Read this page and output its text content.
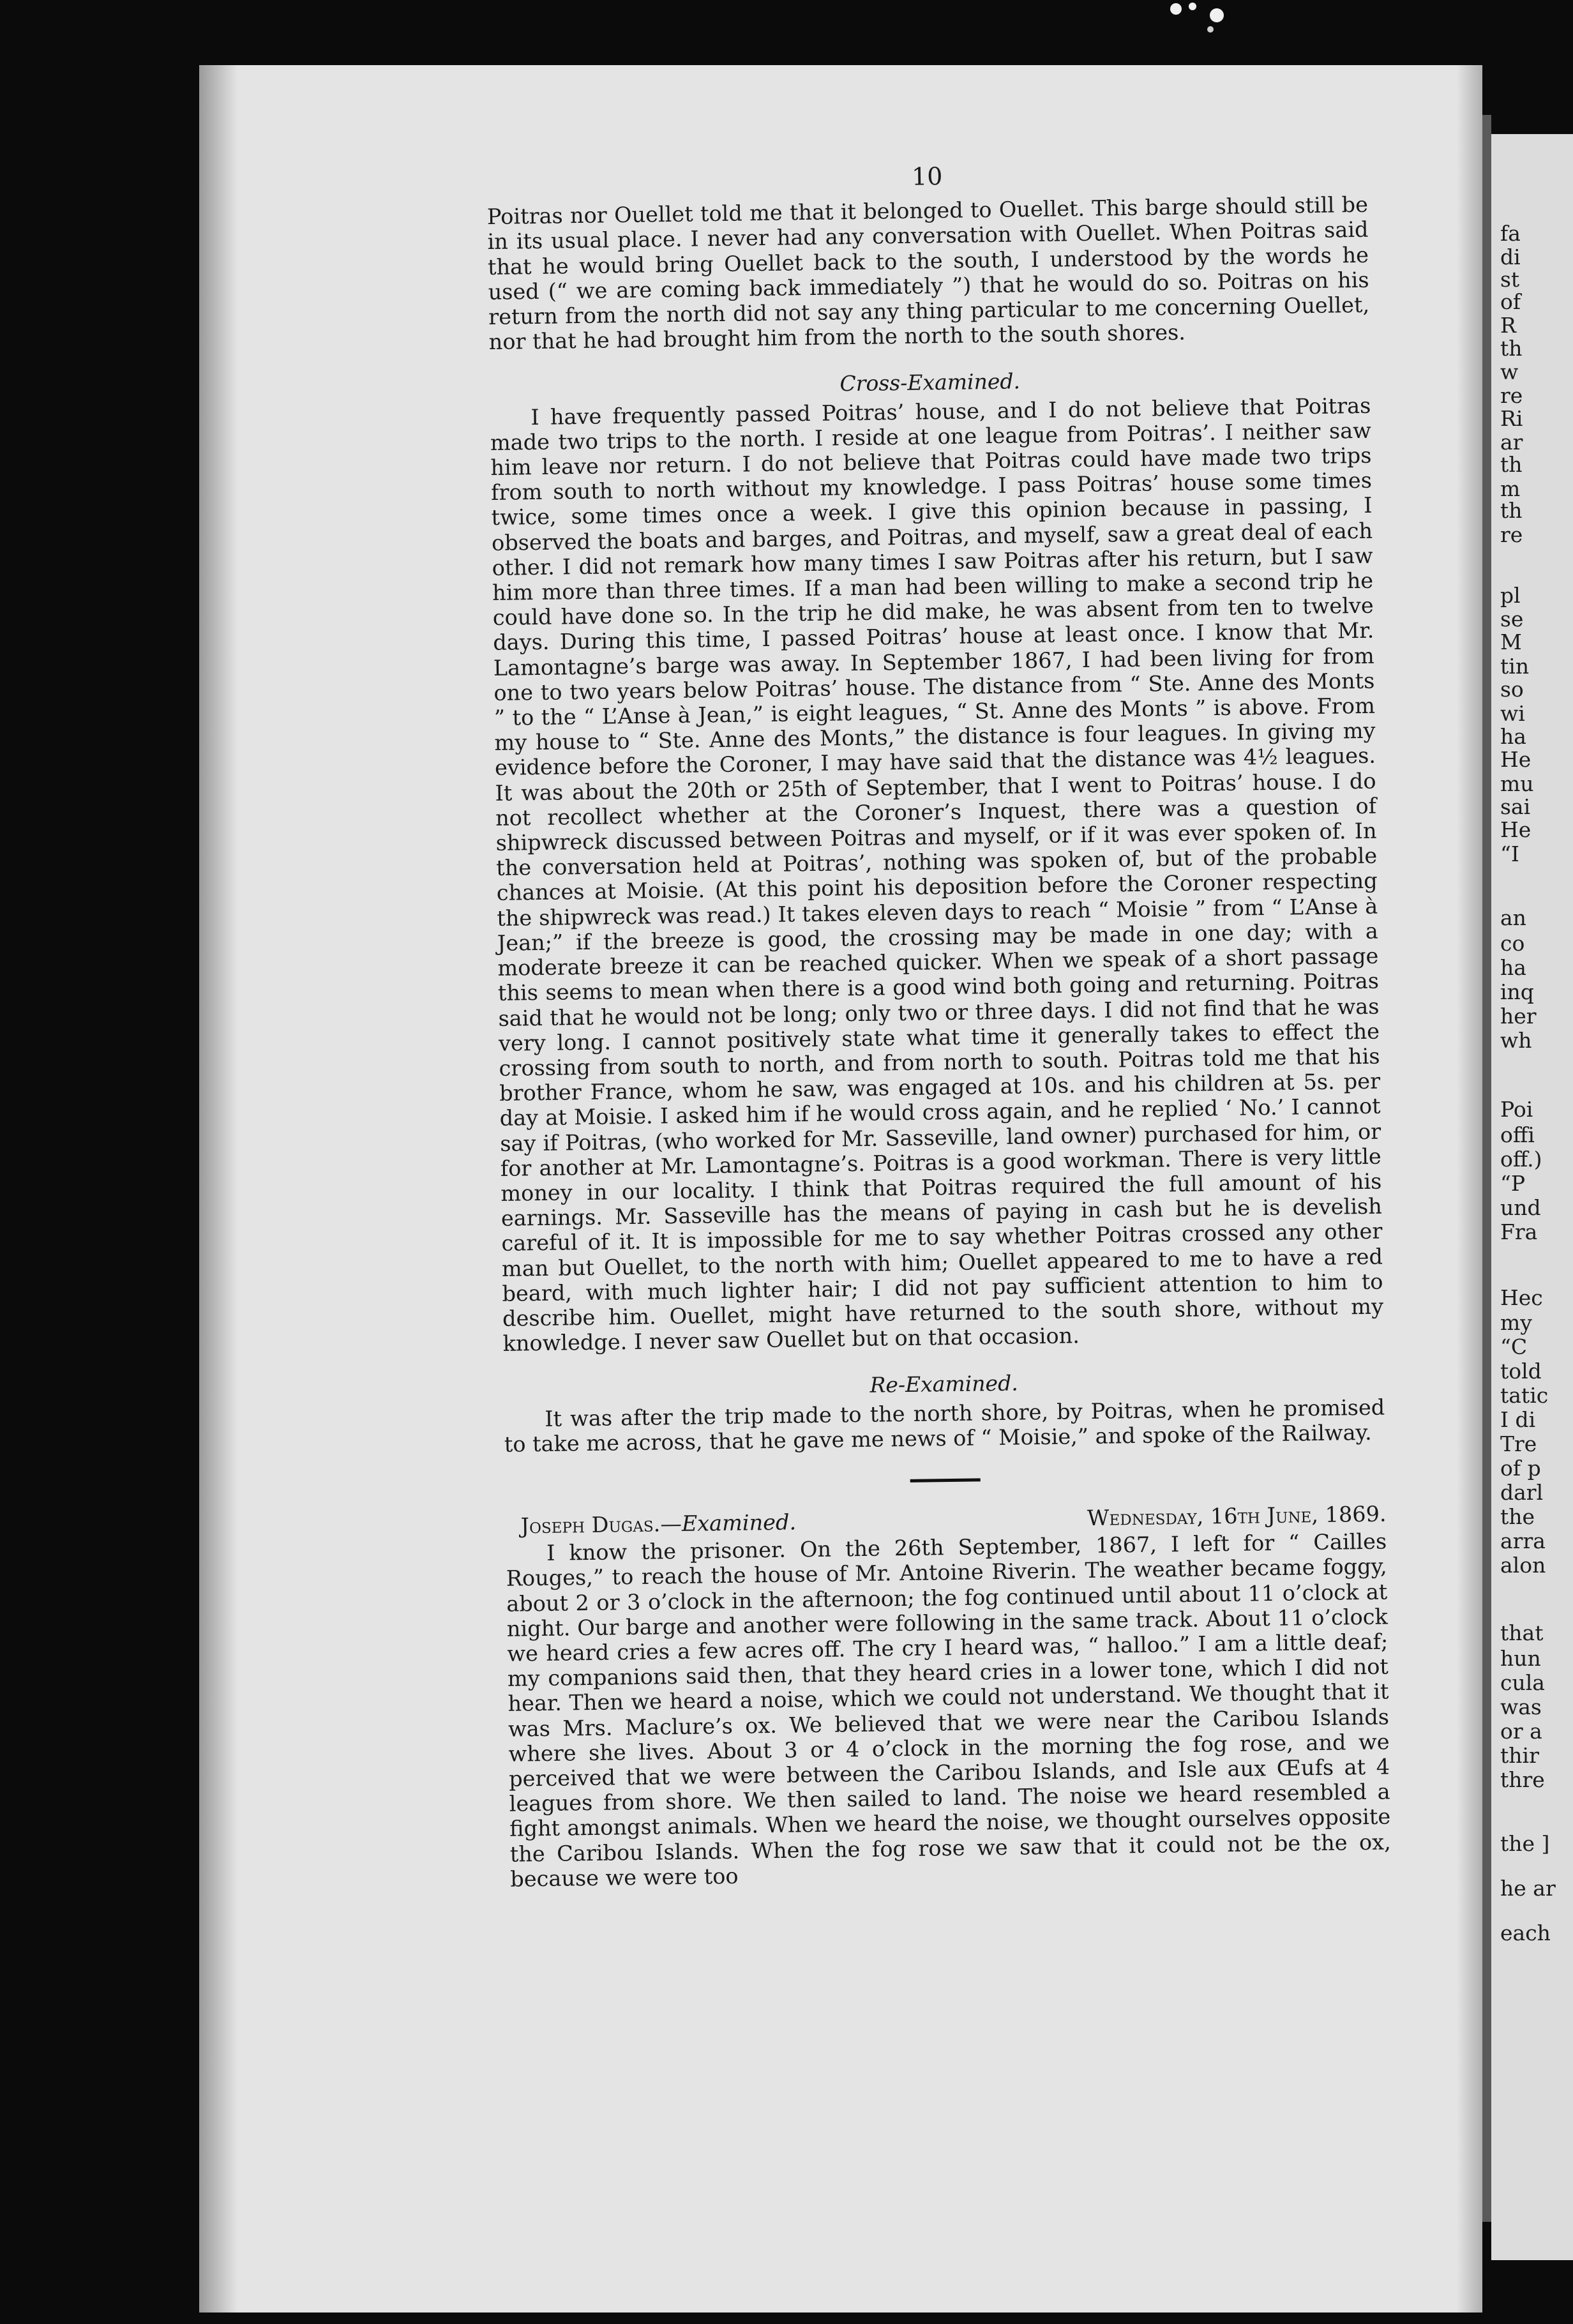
10

Poitras nor Ouellet told me that it belonged to Ouellet. This barge should still be in its usual place. I never had any conversation with Ouellet. When Poitras said that he would bring Ouellet back to the south, I understood by the words he used (“ we are coming back immediately ”) that he would do so. Poitras on his return from the north did not say any thing particular to me concerning Ouellet, nor that he had brought him from the north to the south shores.

Cross-Examined.

I have frequently passed Poitras’ house, and I do not believe that Poitras made two trips to the north. I reside at one league from Poitras’. I neither saw him leave nor return. I do not believe that Poitras could have made two trips from south to north without my knowledge. I pass Poitras’ house some times twice, some times once a week. I give this opinion because in passing, I observed the boats and barges, and Poitras, and myself, saw a great deal of each other. I did not remark how many times I saw Poitras after his return, but I saw him more than three times. If a man had been willing to make a second trip he could have done so. In the trip he did make, he was absent from ten to twelve days. During this time, I passed Poitras’ house at least once. I know that Mr. Lamontagne’s barge was away. In September 1867, I had been living for from one to two years below Poitras’ house. The distance from “ Ste. Anne des Monts ” to the “ L’Anse à Jean,” is eight leagues, “ St. Anne des Monts ” is above. From my house to “ Ste. Anne des Monts,” the distance is four leagues. In giving my evidence before the Coroner, I may have said that the distance was 4½ leagues. It was about the 20th or 25th of September, that I went to Poitras’ house. I do not recollect whether at the Coroner’s Inquest, there was a question of shipwreck discussed between Poitras and myself, or if it was ever spoken of. In the conversation held at Poitras’, nothing was spoken of, but of the probable chances at Moisie. (At this point his deposition before the Coroner respecting the shipwreck was read.) It takes eleven days to reach “ Moisie ” from “ L’Anse à Jean;” if the breeze is good, the crossing may be made in one day; with a moderate breeze it can be reached quicker. When we speak of a short passage this seems to mean when there is a good wind both going and returning. Poitras said that he would not be long; only two or three days. I did not find that he was very long. I cannot positively state what time it generally takes to effect the crossing from south to north, and from north to south. Poitras told me that his brother France, whom he saw, was engaged at 10s. and his children at 5s. per day at Moisie. I asked him if he would cross again, and he replied ‘ No.’ I cannot say if Poitras, (who worked for Mr. Sasseville, land owner) purchased for him, or for another at Mr. Lamontagne’s. Poitras is a good workman. There is very little money in our locality. I think that Poitras required the full amount of his earnings. Mr. Sasseville has the means of paying in cash but he is develish careful of it. It is impossible for me to say whether Poitras crossed any other man but Ouellet, to the north with him; Ouellet appeared to me to have a red beard, with much lighter hair; I did not pay sufficient attention to him to describe him. Ouellet, might have returned to the south shore, without my knowledge. I never saw Ouellet but on that occasion.

Re-Examined.

It was after the trip made to the north shore, by Poitras, when he promised to take me across, that he gave me news of “ Moisie,” and spoke of the Railway.

Joseph Dugas.—Examined.	Wednesday, 16th June, 1869.

I know the prisoner. On the 26th September, 1867, I left for “ Cailles Rouges,” to reach the house of Mr. Antoine Riverin. The weather became foggy, about 2 or 3 o’clock in the afternoon; the fog continued until about 11 o’clock at night. Our barge and another were following in the same track. About 11 o’clock we heard cries a few acres off. The cry I heard was, “ halloo.” I am a little deaf; my companions said then, that they heard cries in a lower tone, which I did not hear. Then we heard a noise, which we could not understand. We thought that it was Mrs. Maclure’s ox. We believed that we were near the Caribou Islands where she lives. About 3 or 4 o’clock in the morning the fog rose, and we perceived that we were between the Caribou Islands, and Isle aux Œufs at 4 leagues from shore. We then sailed to land. The noise we heard resembled a fight amongst animals. When we heard the noise, we thought ourselves opposite the Caribou Islands. When the fog rose we saw that it could not be the ox, because we were too

fa
di
st
of
R
th
w
re
Ri
ar
th
m
th
re
pl
se
M
tin
so
wi
ha
He
mu
sai
He
“I
an
co
ha
inq
her
wh
Poi
offi
off.)
“P
und
Fra
Hec
my
“C
told
tatic
I di
Tre
of p
darl
the
arra
alon
that
hun
cula
was
or a
thir
thre
the ]
he ar
each
